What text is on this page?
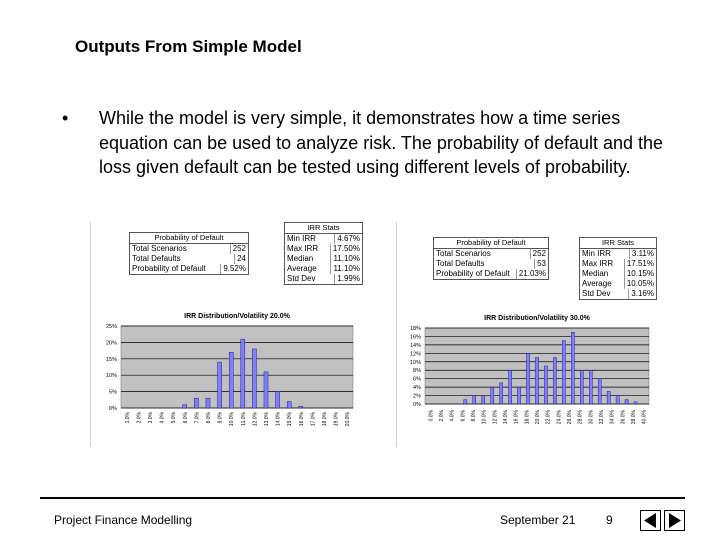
Outputs From Simple Model
• While the model is very simple, it demonstrates how a time series equation can be used to analyze risk. The probability of default and the loss given default can be tested using different levels of probability.
Probability of Default
Total Scenarios	252
Total Defaults	24
Probability of Default	9.52%
IRR Stats
Min IRR	4.67%
Max IRR	17.50%
Median	11.10%
Average	11.10%
Std Dev	1.99%
IRR Distribution/Volatility 20.0%
0%
5%
10%
15%
20%
25%
1.0% 2.0% 3.0% 4.0% 5.0% 6.0% 7.0% 8.0% 9.0% 10.0% 11.0% 12.0% 13.0% 14.0% 15.0% 16.0% 17.0% 18.0% 19.0% 20.0%
Probability of Default
Total Scenarios	252
Total Defaults	53
Probability of Default	21.03%
IRR Stats
Min IRR	3.11%
Max IRR	17.51%
Median	10.15%
Average	10.05%
Std Dev	3.16%
IRR Distribution/Volatility 30.0%
0%
2%
4%
6%
8%
10%
12%
14%
16%
18%
0.0% 2.0% 4.0% 6.0% 8.0% 10.0% 12.0% 14.0% 16.0% 18.0% 20.0% 22.0% 24.0% 26.0% 28.0% 30.0% 32.0% 34.0% 36.0% 38.0% 40.0%
Project Finance Modelling	September 21	9
